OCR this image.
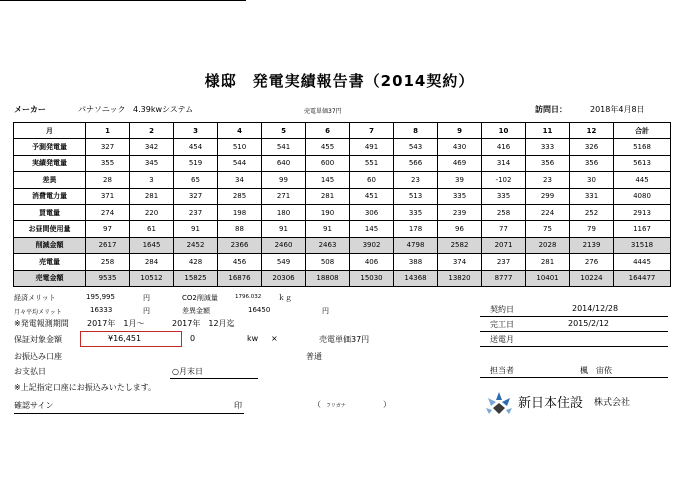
様邸　発電実績報告書（2014契約）
メーカー	パナソニック 4.39kwシステム	売電単価37円	訪問日：	2018年4月8日
月	1	2	3	4	5	6	7	8	9	10	11	12	合計
予測発電量	327	342	454	510	541	455	491	543	430	416	333	326	5168
実績発電量	355	345	519	544	640	600	551	566	469	314	356	356	5613
差異	28	3	65	34	99	145	60	23	39	-102	23	30	445
消費電力量	371	281	327	285	271	281	451	513	335	335	299	331	4080
買電量	274	220	237	198	180	190	306	335	239	258	224	252	2913
お昼間使用量	97	61	91	88	91	91	145	178	96	77	75	79	1167
削減金額	2617	1645	2452	2366	2460	2463	3902	4798	2582	2071	2028	2139	31518
売電量	258	284	428	456	549	508	406	388	374	237	281	276	4445
売電金額	9535	10512	15825	16876	20306	18808	15030	14368	13820	8777	10401	10224	164477
経済メリット	195,995	円	CO2削減量	1796.032 ｋｇ
月々平均メリット	16333	円	差異金額	16450	円
※発電報測期間 2017年　1月～	2017年　12月迄
保証対象金額	¥16,451	0	kw ×	売電単価37円
お振込み口座	普通
お支払日	○月末日
※上記指定口座にお振込みいたします。
確認サイン	印	（ フリガナ	）
契約日	2014/12/28
完工日	2015/2/12
送電月
担当者	楓　宙依
新日本住設 株式会社
